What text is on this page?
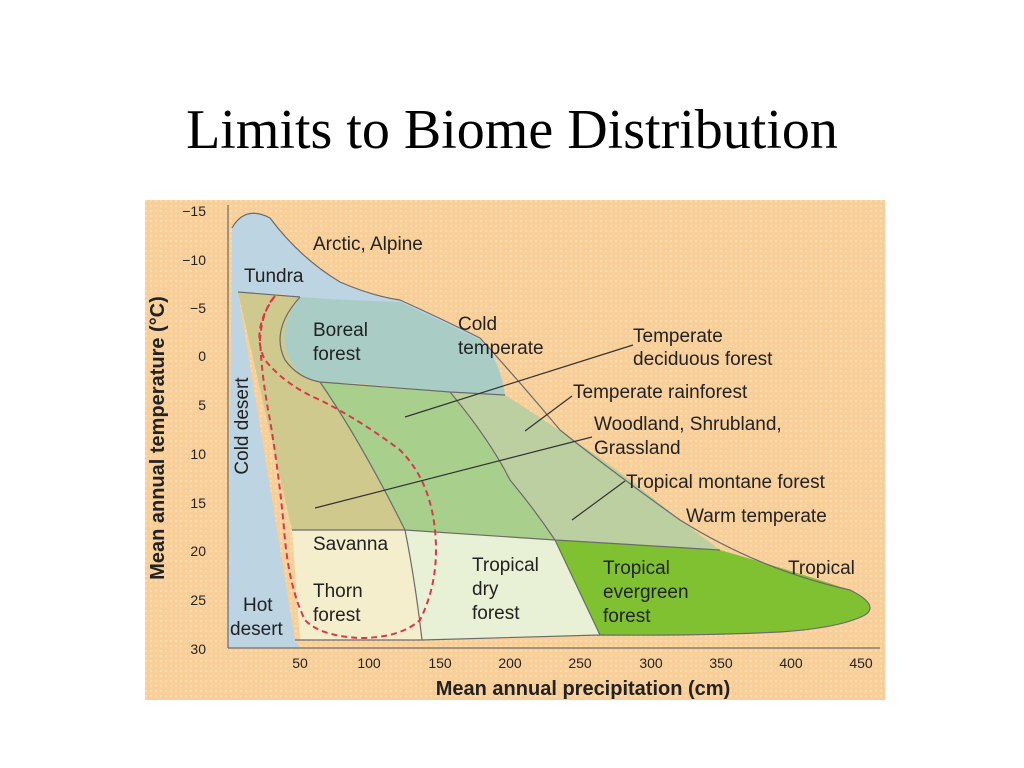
Limits to Biome Distribution
−15
−10
−5
0
5
10
15
20
25
30
50	100	150	200	250	300	350	400	450
Mean annual temperature (°C)
Mean annual precipitation (cm)
Arctic, Alpine
Tundra
Boreal
forest
Cold
temperate
Temperate
deciduous forest
Temperate rainforest
Woodland, Shrubland,
Grassland
Tropical montane forest
Warm temperate
Cold desert
Savanna
Thorn
forest
Tropical
dry
forest
Tropical
evergreen
forest
Tropical
Hot
desert
